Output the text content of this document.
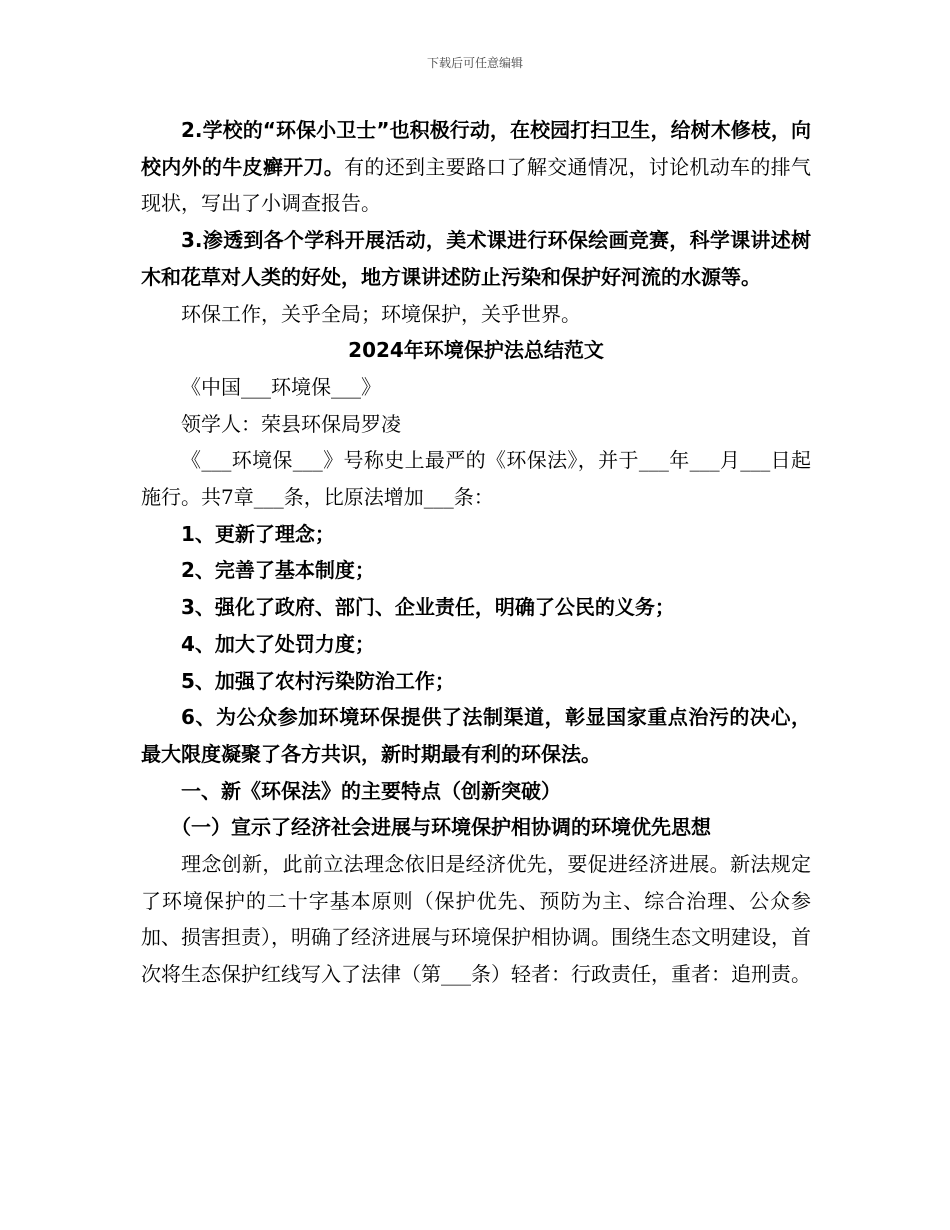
下载后可任意编辑

2.学校的“环保小卫士”也积极行动，在校园打扫卫生，给树木修枝，向校内外的牛皮癣开刀。有的还到主要路口了解交通情况，讨论机动车的排气现状，写出了小调查报告。

3.渗透到各个学科开展活动，美术课进行环保绘画竞赛，科学课讲述树木和花草对人类的好处，地方课讲述防止污染和保护好河流的水源等。

环保工作，关乎全局；环境保护，关乎世界。

2024年环境保护法总结范文

《中国___环境保___》

领学人：荣县环保局罗凌

《___环境保___》号称史上最严的《环保法》，并于___年___月___日起施行。共7章___条，比原法增加___条：

1、更新了理念；

2、完善了基本制度；

3、强化了政府、部门、企业责任，明确了公民的义务；

4、加大了处罚力度；

5、加强了农村污染防治工作；

6、为公众参加环境环保提供了法制渠道，彰显国家重点治污的决心，最大限度凝聚了各方共识，新时期最有利的环保法。

一、新《环保法》的主要特点（创新突破）

（一）宣示了经济社会进展与环境保护相协调的环境优先思想

理念创新，此前立法理念依旧是经济优先，要促进经济进展。新法规定了环境保护的二十字基本原则（保护优先、预防为主、综合治理、公众参加、损害担责），明确了经济进展与环境保护相协调。围绕生态文明建设，首次将生态保护红线写入了法律（第___条）轻者：行政责任，重者：追刑责。
